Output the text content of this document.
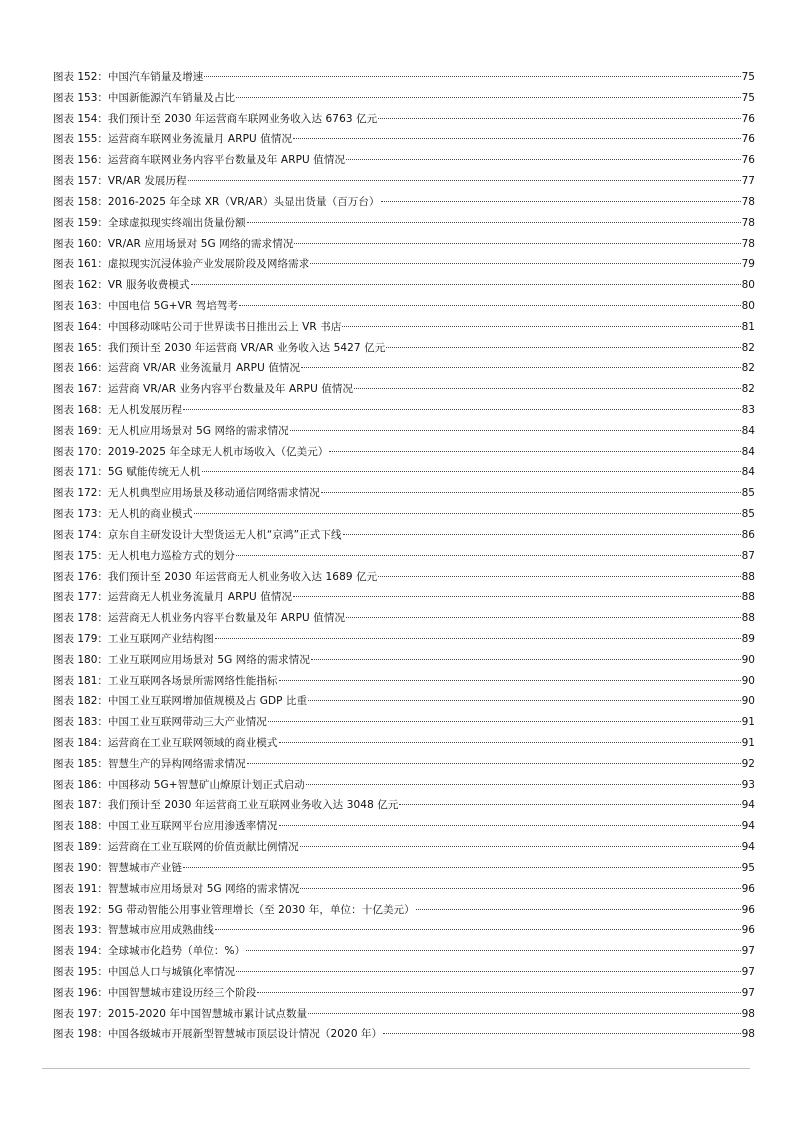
图表 152 ： 中国汽车销量及增速	75
图表 153 ： 中国新能源汽车销量及占比	75
图表 154 ： 我们预计至 2030 年运营商车联网业务收入达 6763 亿元	76
图表 155 ： 运营商车联网业务流量月 ARPU 值情况	76
图表 156 ： 运营商车联网业务内容平台数量及年 ARPU 值情况	76
图表 157 ： VR/AR 发展历程	77
图表 158 ： 2016-2025 年全球 XR（VR/AR）头显出货量（百万台）	78
图表 159 ： 全球虚拟现实终端出货量份额	78
图表 160 ： VR/AR 应用场景对 5G 网络的需求情况	78
图表 161 ： 虚拟现实沉浸体验产业发展阶段及网络需求	79
图表 162 ： VR 服务收费模式	80
图表 163 ： 中国电信 5G+VR 驾培驾考	80
图表 164 ： 中国移动咪咕公司于世界读书日推出云上 VR 书店	81
图表 165 ： 我们预计至 2030 年运营商 VR/AR 业务收入达 5427 亿元	82
图表 166 ： 运营商 VR/AR 业务流量月 ARPU 值情况	82
图表 167 ： 运营商 VR/AR 业务内容平台数量及年 ARPU 值情况	82
图表 168 ： 无人机发展历程	83
图表 169 ： 无人机应用场景对 5G 网络的需求情况	84
图表 170 ： 2019-2025 年全球无人机市场收入（亿美元）	84
图表 171 ： 5G 赋能传统无人机	84
图表 172 ： 无人机典型应用场景及移动通信网络需求情况	85
图表 173 ： 无人机的商业模式	85
图表 174 ： 京东自主研发设计大型货运无人机“京鸿”正式下线	86
图表 175 ： 无人机电力巡检方式的划分	87
图表 176 ： 我们预计至 2030 年运营商无人机业务收入达 1689 亿元	88
图表 177 ： 运营商无人机业务流量月 ARPU 值情况	88
图表 178 ： 运营商无人机业务内容平台数量及年 ARPU 值情况	88
图表 179 ： 工业互联网产业结构图	89
图表 180 ： 工业互联网应用场景对 5G 网络的需求情况	90
图表 181 ： 工业互联网各场景所需网络性能指标	90
图表 182 ： 中国工业互联网增加值规模及占 GDP 比重	90
图表 183 ： 中国工业互联网带动三大产业情况	91
图表 184 ： 运营商在工业互联网领域的商业模式	91
图表 185 ： 智慧生产的异构网络需求情况	92
图表 186 ： 中国移动 5G+智慧矿山燎原计划正式启动	93
图表 187 ： 我们预计至 2030 年运营商工业互联网业务收入达 3048 亿元	94
图表 188 ： 中国工业互联网平台应用渗透率情况	94
图表 189 ： 运营商在工业互联网的价值贡献比例情况	94
图表 190 ： 智慧城市产业链	95
图表 191 ： 智慧城市应用场景对 5G 网络的需求情况	96
图表 192 ： 5G 带动智能公用事业管理增长（至 2030 年，单位：十亿美元）	96
图表 193 ： 智慧城市应用成熟曲线	96
图表 194 ： 全球城市化趋势（单位：%）	97
图表 195 ： 中国总人口与城镇化率情况	97
图表 196 ： 中国智慧城市建设历经三个阶段	97
图表 197 ： 2015-2020 年中国智慧城市累计试点数量	98
图表 198 ： 中国各级城市开展新型智慧城市顶层设计情况（2020 年）	98
